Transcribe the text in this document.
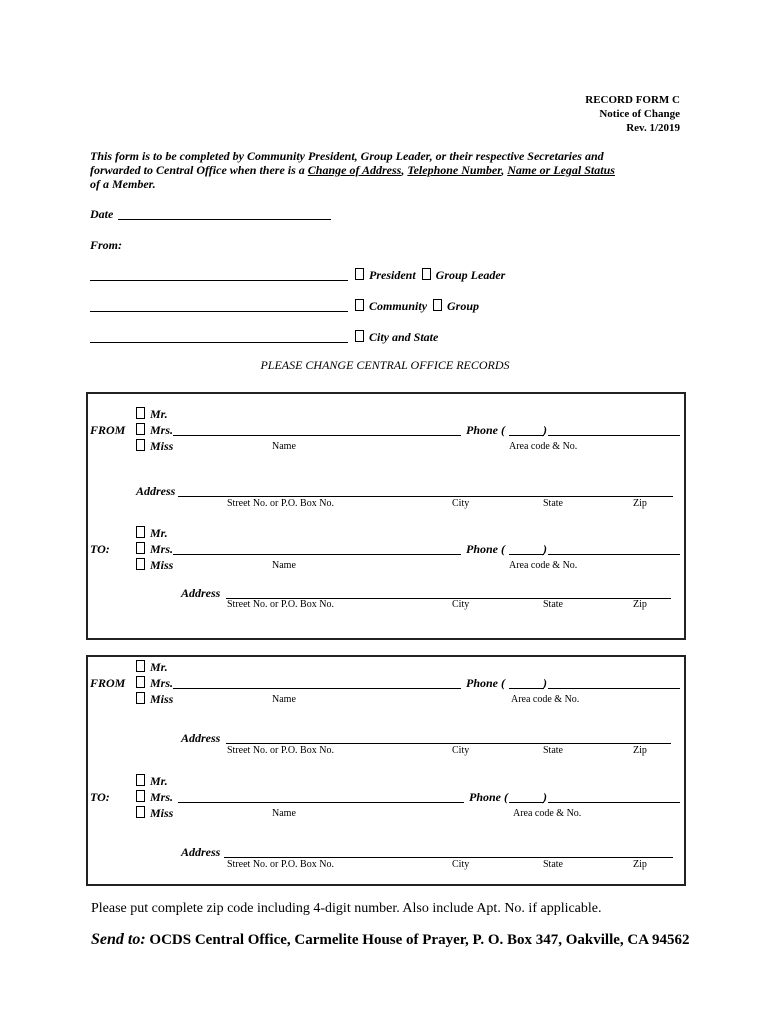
RECORD FORM C
Notice of Change
Rev. 1/2019
This form is to be completed by Community President, Group Leader, or their respective Secretaries and
forwarded to Central Office when there is a Change of Address, Telephone Number, Name or Legal Status
of a Member.
Date
From:
President Group Leader
Community Group
City and State
PLEASE CHANGE CENTRAL OFFICE RECORDS
Mr.
FROM	Mrs.	Phone (	)
Miss	Name	Area code & No.
Address
Street No. or P.O. Box No.	City	State	Zip
Mr.
TO:	Mrs.	Phone (	)
Miss	Name	Area code & No.
Address
Street No. or P.O. Box No.	City	State	Zip
Mr.
FROM	Mrs.	Phone (	)
Miss	Name	Area code & No.
Address
Street No. or P.O. Box No.	City	State	Zip
Mr.
TO:	Mrs.	Phone (	)
Miss	Name	Area code & No.
Address
Street No. or P.O. Box No.	City	State	Zip
Please put complete zip code including 4-digit number. Also include Apt. No. if applicable.
Send to: OCDS Central Office, Carmelite House of Prayer, P. O. Box 347, Oakville, CA 94562
